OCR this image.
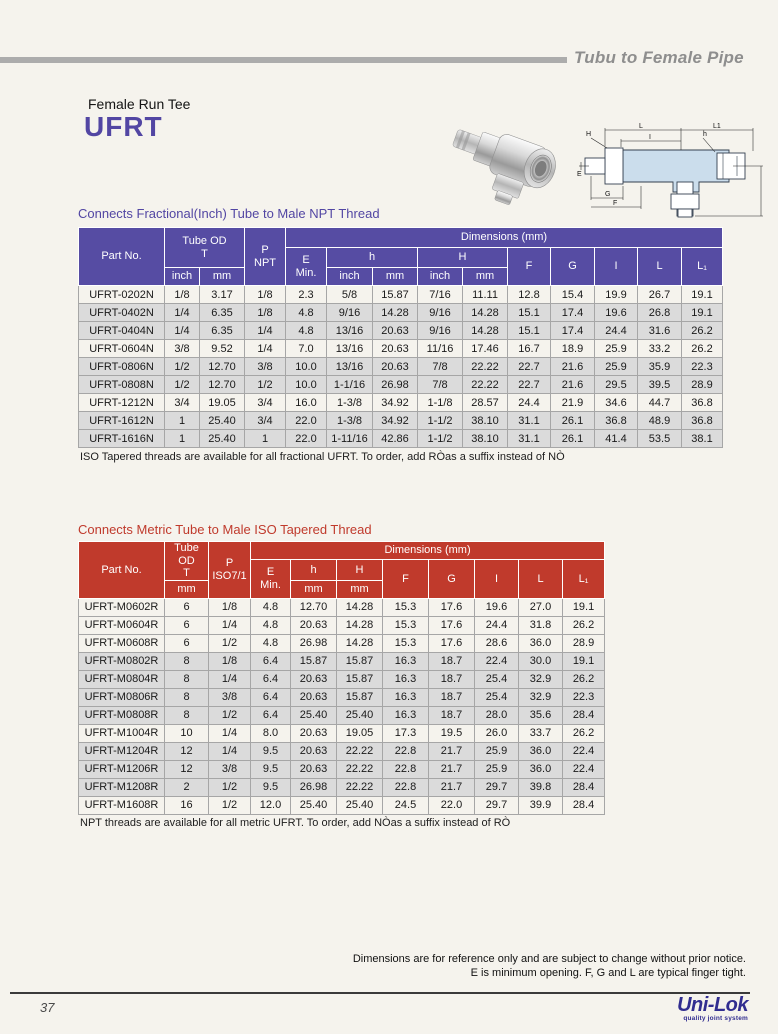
Tubu to Female Pipe
Female Run Tee
UFRT	L	L1
I	h
H
E
G
F
Connects Fractional(Inch) Tube to Male NPT Thread
Part No.	Tube OD
T		P
NPT	Dimensions (mm)									

				E
Min.	h		H		F	G	I	L	L₁
	inch	mm			inch	mm	inch	mm					
UFRT-0202N	1/8	3.17	1/8	2.3	5/8	15.87	7/16	11.11	12.8	15.4	19.9	26.7	19.1
UFRT-0402N	1/4	6.35	1/8	4.8	9/16	14.28	9/16	14.28	15.1	17.4	19.6	26.8	19.1
UFRT-0404N	1/4	6.35	1/4	4.8	13/16	20.63	9/16	14.28	15.1	17.4	24.4	31.6	26.2
UFRT-0604N	3/8	9.52	1/4	7.0	13/16	20.63	11/16	17.46	16.7	18.9	25.9	33.2	26.2
UFRT-0806N	1/2	12.70	3/8	10.0	13/16	20.63	7/8	22.22	22.7	21.6	25.9	35.9	22.3
UFRT-0808N	1/2	12.70	1/2	10.0	1-1/16	26.98	7/8	22.22	22.7	21.6	29.5	39.5	28.9
UFRT-1212N	3/4	19.05	3/4	16.0	1-3/8	34.92	1-1/8	28.57	24.4	21.9	34.6	44.7	36.8
UFRT-1612N	1	25.40	3/4	22.0	1-3/8	34.92	1-1/2	38.10	31.1	26.1	36.8	48.9	36.8
UFRT-1616N	1	25.40	1	22.0	1-11/16	42.86	1-1/2	38.10	31.1	26.1	41.4	53.5	38.1
ISO Tapered threads are available for all fractional UFRT. To order, add RÒas a suffix instead of NÒ
Connects Metric Tube to Male ISO Tapered Thread
Part No.	Tube OD
T	P
ISO7/1	Dimensions (mm)							

			E
Min.	h	H	F	G	I	L	L₁
	mm			mm	mm					
UFRT-M0602R	6	1/8	4.8	12.70	14.28	15.3	17.6	19.6	27.0	19.1
UFRT-M0604R	6	1/4	4.8	20.63	14.28	15.3	17.6	24.4	31.8	26.2
UFRT-M0608R	6	1/2	4.8	26.98	14.28	15.3	17.6	28.6	36.0	28.9
UFRT-M0802R	8	1/8	6.4	15.87	15.87	16.3	18.7	22.4	30.0	19.1
UFRT-M0804R	8	1/4	6.4	20.63	15.87	16.3	18.7	25.4	32.9	26.2
UFRT-M0806R	8	3/8	6.4	20.63	15.87	16.3	18.7	25.4	32.9	22.3
UFRT-M0808R	8	1/2	6.4	25.40	25.40	16.3	18.7	28.0	35.6	28.4
UFRT-M1004R	10	1/4	8.0	20.63	19.05	17.3	19.5	26.0	33.7	26.2
UFRT-M1204R	12	1/4	9.5	20.63	22.22	22.8	21.7	25.9	36.0	22.4
UFRT-M1206R	12	3/8	9.5	20.63	22.22	22.8	21.7	25.9	36.0	22.4
UFRT-M1208R	2	1/2	9.5	26.98	22.22	22.8	21.7	29.7	39.8	28.4
UFRT-M1608R	16	1/2	12.0	25.40	25.40	24.5	22.0	29.7	39.9	28.4
NPT threads are available for all metric UFRT. To order, add NÒas a suffix instead of RÒ
Dimensions are for reference only and are subject to change without prior notice.
E is minimum opening. F, G and L are typical finger tight.
37	Uni-Lok
quality joint system
